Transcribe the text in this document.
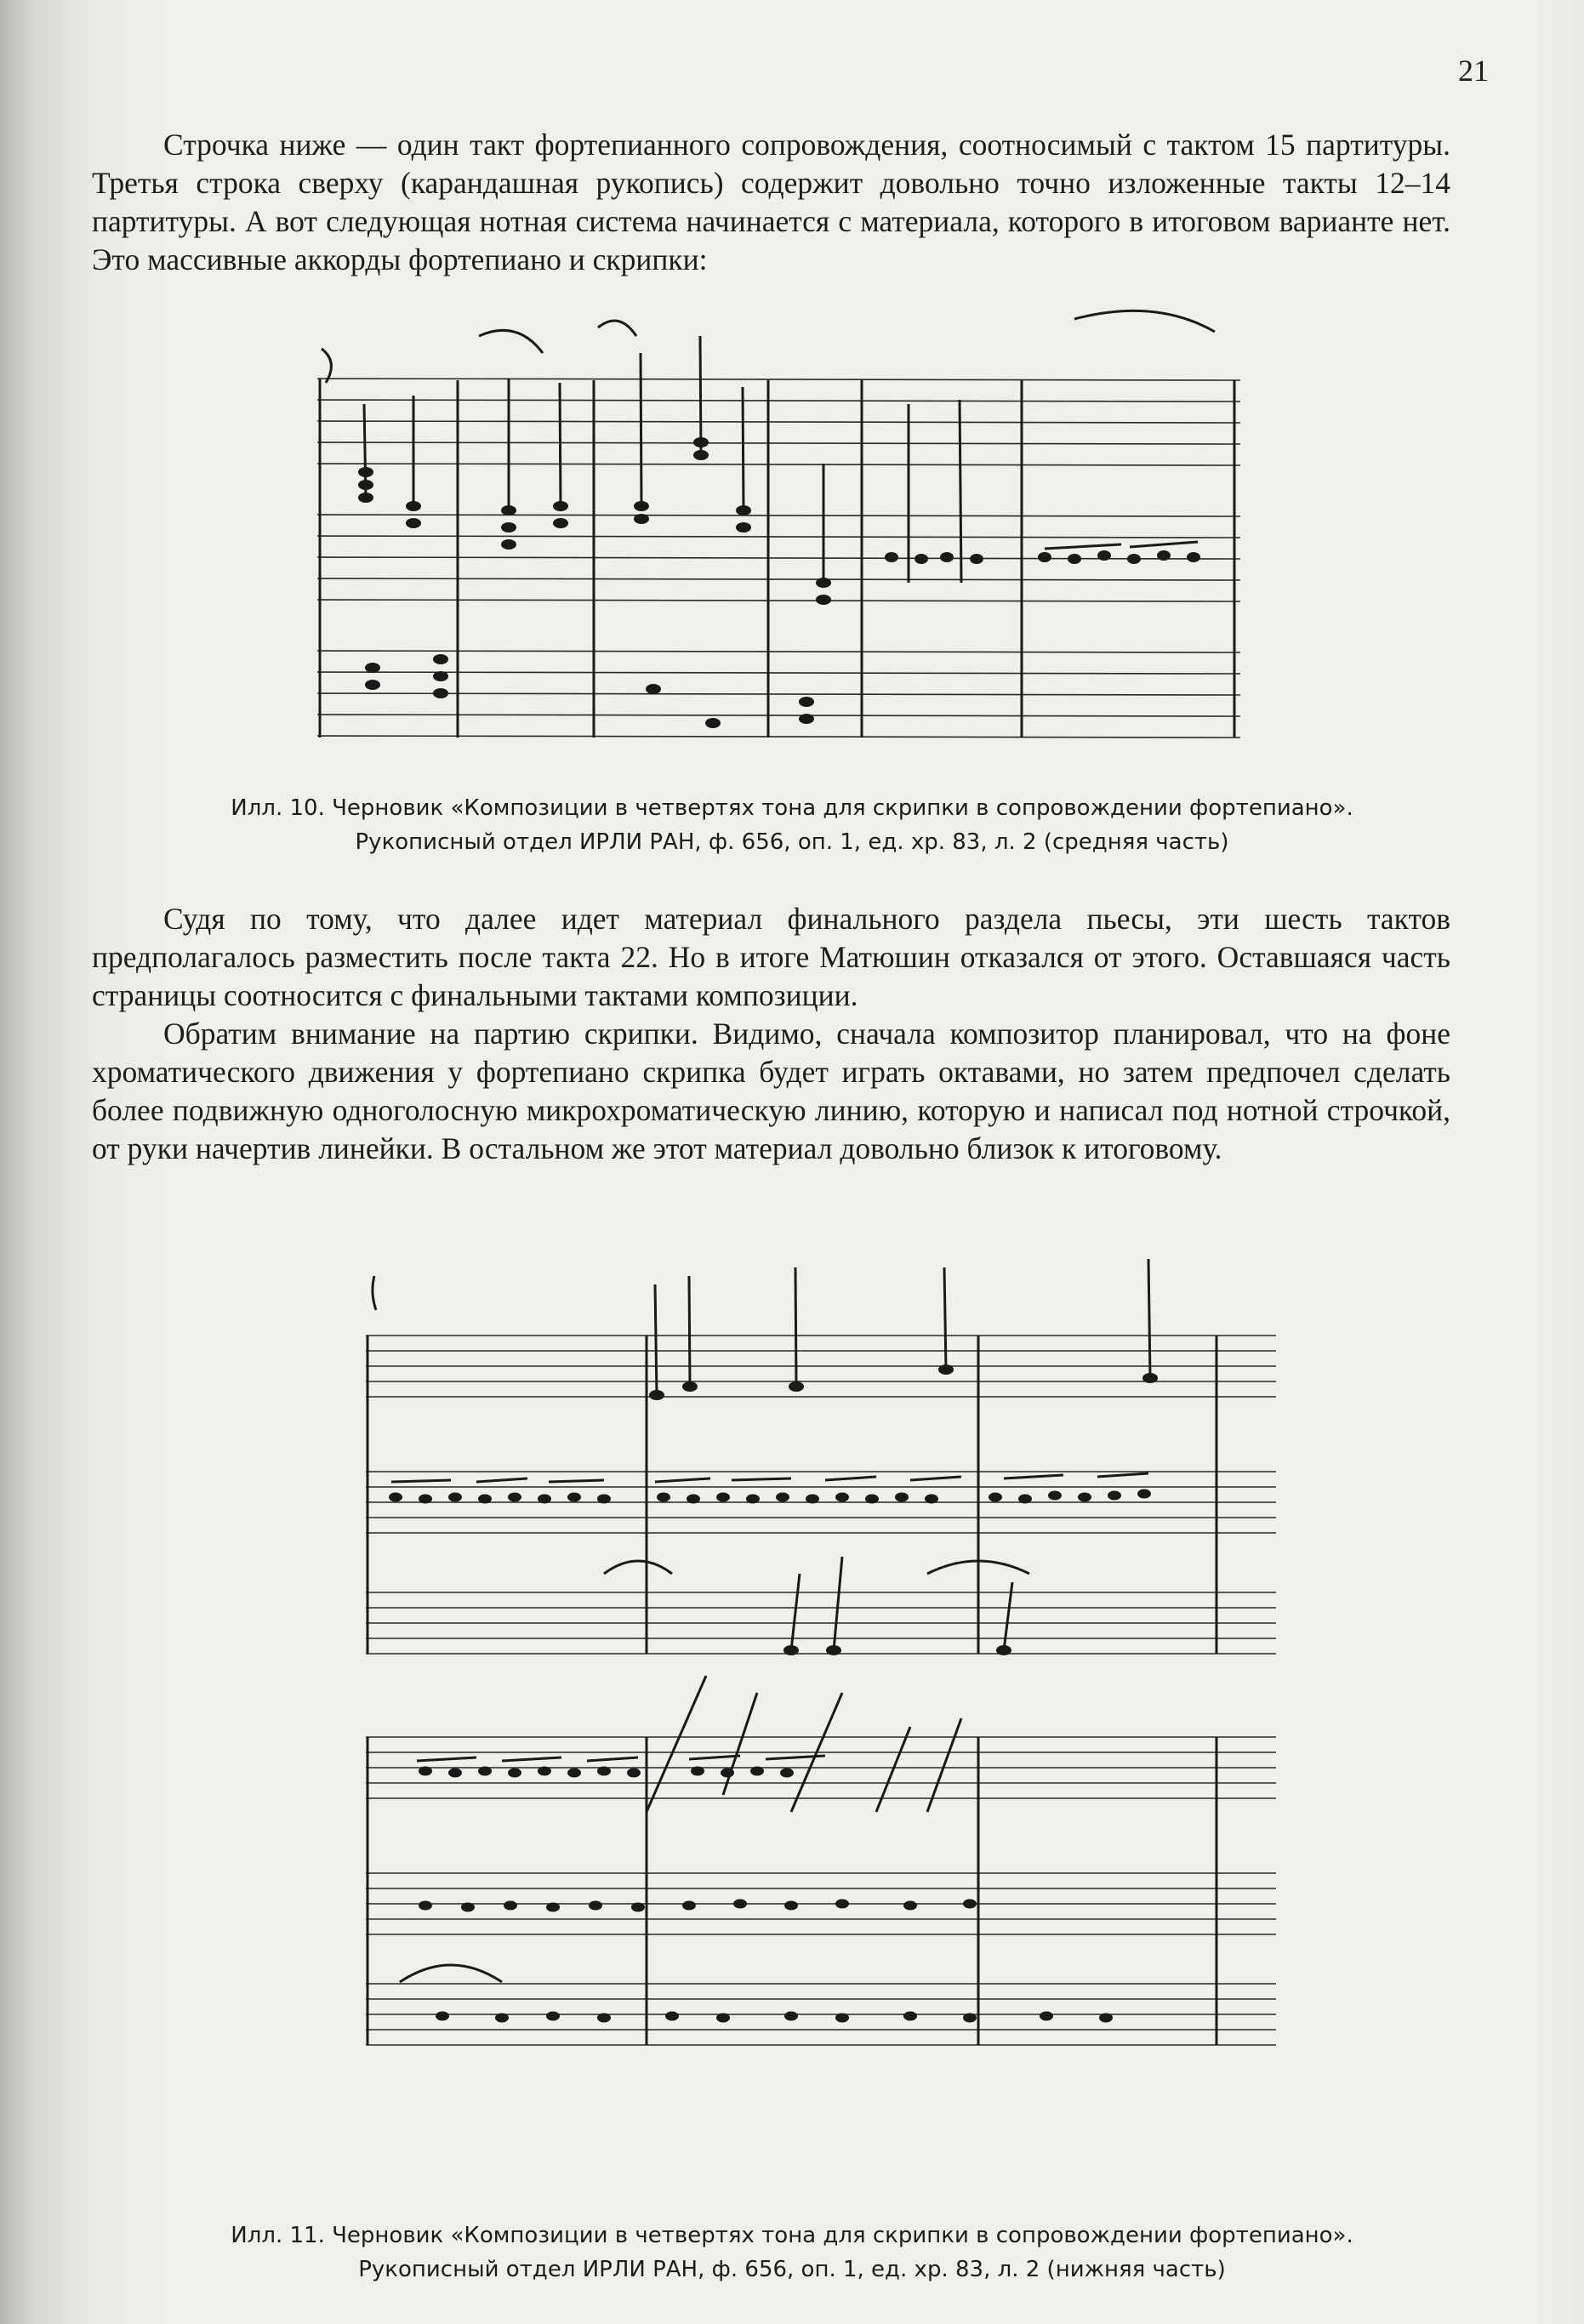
21

Строчка ниже — один такт фортепианного сопровождения, соотносимый с тактом 15 партитуры. Третья строка сверху (карандашная рукопись) содержит довольно точно изложенные такты 12–14 партитуры. А вот следующая нотная система начинается с материала, которого в итоговом варианте нет. Это массивные аккорды фортепиано и скрипки:

Илл. 10. Черновик «Композиции в четвертях тона для скрипки в сопровождении фортепиано».
Рукописный отдел ИРЛИ РАН, ф. 656, оп. 1, ед. хр. 83, л. 2 (средняя часть)

Судя по тому, что далее идет материал финального раздела пьесы, эти шесть тактов предполагалось разместить после такта 22. Но в итоге Матюшин отказался от этого. Оставшаяся часть страницы соотносится с финальными тактами композиции.

Обратим внимание на партию скрипки. Видимо, сначала композитор планировал, что на фоне хроматического движения у фортепиано скрипка будет играть октавами, но затем предпочел сделать более подвижную одноголосную микрохроматическую линию, которую и написал под нотной строчкой, от руки начертив линейки. В остальном же этот материал довольно близок к итоговому.

Илл. 11. Черновик «Композиции в четвертях тона для скрипки в сопровождении фортепиано».
Рукописный отдел ИРЛИ РАН, ф. 656, оп. 1, ед. хр. 83, л. 2 (нижняя часть)
